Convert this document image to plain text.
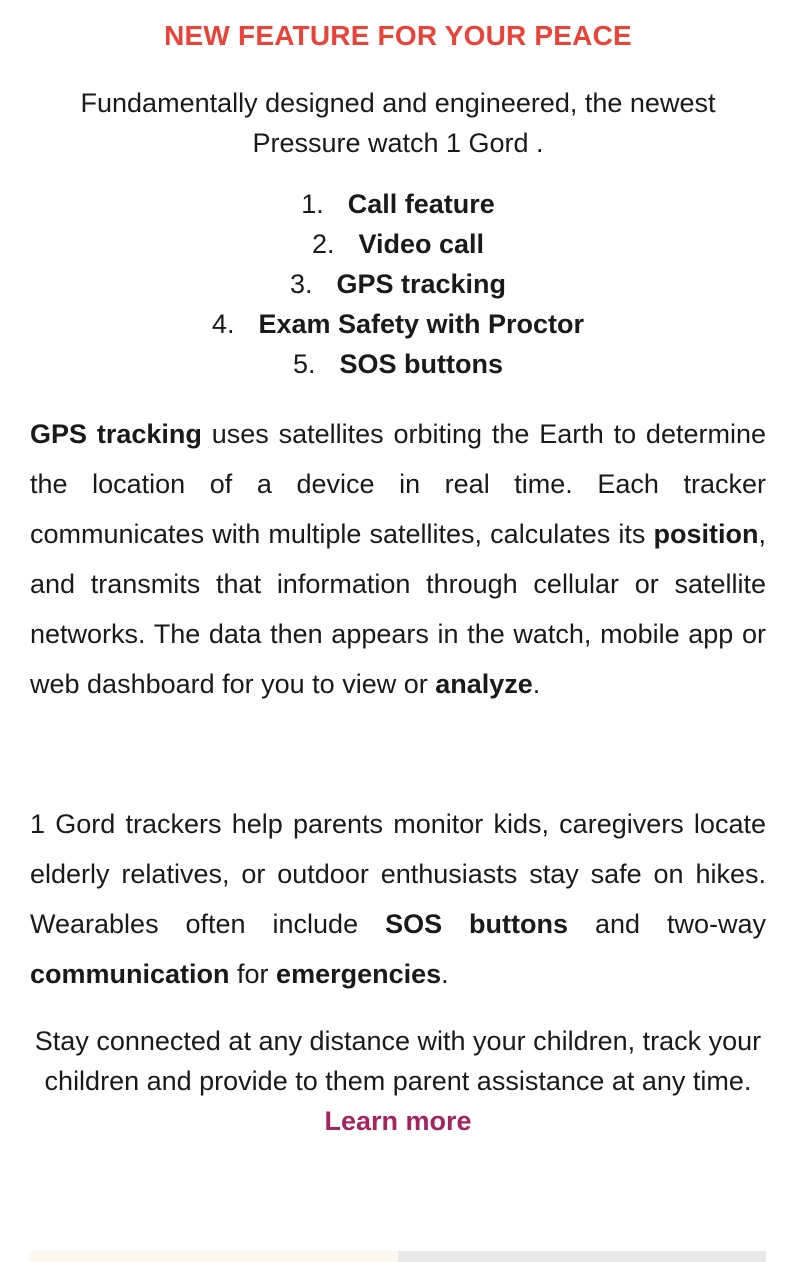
NEW FEATURE FOR YOUR PEACE

Fundamentally designed and engineered, the newest Pressure watch 1 Gord .

1. Call feature
2. Video call
3. GPS tracking
4. Exam Safety with Proctor
5. SOS buttons

GPS tracking uses satellites orbiting the Earth to determine the location of a device in real time. Each tracker communicates with multiple satellites, calculates its position, and transmits that information through cellular or satellite networks. The data then appears in the watch, mobile app or web dashboard for you to view or analyze.

1 Gord trackers help parents monitor kids, caregivers locate elderly relatives, or outdoor enthusiasts stay safe on hikes. Wearables often include SOS buttons and two-way communication for emergencies.

Stay connected at any distance with your children, track your children and provide to them parent assistance at any time. Learn more
